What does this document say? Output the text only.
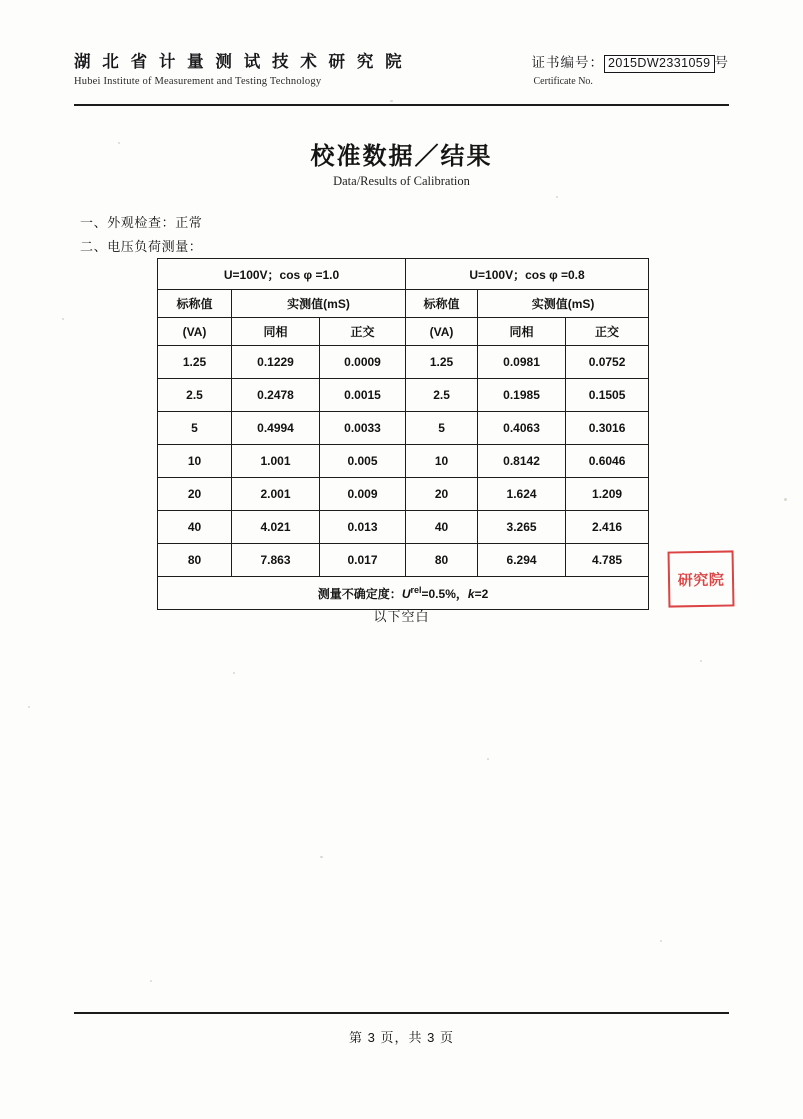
湖 北 省 计 量 测 试 技 术 研 究 院
Hubei Institute of Measurement and Testing Technology
证书编号： 2015DW2331059 号
Certificate No.
校准数据／结果
Data/Results of Calibration
一、外观检查：正常
二、电压负荷测量：
U=100V；cos φ =1.0			U=100V；cos φ =0.8		
标称值	实测值(mS)		标称值	实测值(mS)	
(VA)	同相	正交	(VA)	同相	正交
1.25	0.1229	0.0009	1.25	0.0981	0.0752
2.5	0.2478	0.0015	2.5	0.1985	0.1505
5	0.4994	0.0033	5	0.4063	0.3016
10	1.001	0.005	10	0.8142	0.6046
20	2.001	0.009	20	1.624	1.209
40	4.021	0.013	40	3.265	2.416
80	7.863	0.017	80	6.294	4.785
测量不确定度：$U^{rel}=0.5\%$，k=2					
以下空白
研究院
第 3 页，共 3 页
